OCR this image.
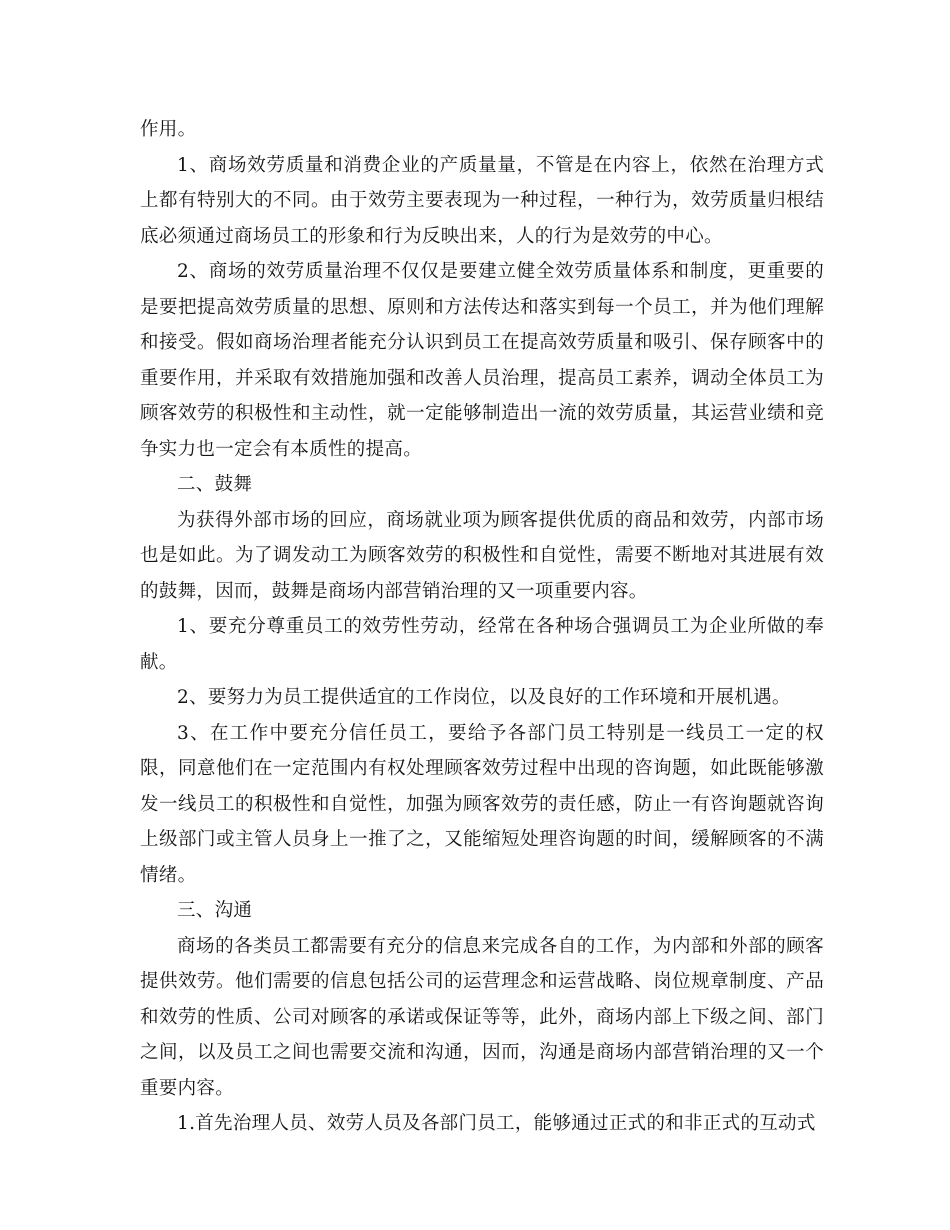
作用。

1、商场效劳质量和消费企业的产质量量，不管是在内容上，依然在治理方式上都有特别大的不同。由于效劳主要表现为一种过程，一种行为，效劳质量归根结底必须通过商场员工的形象和行为反映出来，人的行为是效劳的中心。

2、商场的效劳质量治理不仅仅是要建立健全效劳质量体系和制度，更重要的是要把提高效劳质量的思想、原则和方法传达和落实到每一个员工，并为他们理解和接受。假如商场治理者能充分认识到员工在提高效劳质量和吸引、保存顾客中的重要作用，并采取有效措施加强和改善人员治理，提高员工素养，调动全体员工为顾客效劳的积极性和主动性，就一定能够制造出一流的效劳质量，其运营业绩和竞争实力也一定会有本质性的提高。

二、鼓舞

为获得外部市场的回应，商场就业项为顾客提供优质的商品和效劳，内部市场也是如此。为了调发动工为顾客效劳的积极性和自觉性，需要不断地对其进展有效的鼓舞，因而，鼓舞是商场内部营销治理的又一项重要内容。

1、要充分尊重员工的效劳性劳动，经常在各种场合强调员工为企业所做的奉献。

2、要努力为员工提供适宜的工作岗位，以及良好的工作环境和开展机遇。

3、在工作中要充分信任员工，要给予各部门员工特别是一线员工一定的权限，同意他们在一定范围内有权处理顾客效劳过程中出现的咨询题，如此既能够激发一线员工的积极性和自觉性，加强为顾客效劳的责任感，防止一有咨询题就咨询上级部门或主管人员身上一推了之，又能缩短处理咨询题的时间，缓解顾客的不满情绪。

三、沟通

商场的各类员工都需要有充分的信息来完成各自的工作，为内部和外部的顾客提供效劳。他们需要的信息包括公司的运营理念和运营战略、岗位规章制度、产品和效劳的性质、公司对顾客的承诺或保证等等，此外，商场内部上下级之间、部门之间，以及员工之间也需要交流和沟通，因而，沟通是商场内部营销治理的又一个重要内容。

1.首先治理人员、效劳人员及各部门员工，能够通过正式的和非正式的互动式
